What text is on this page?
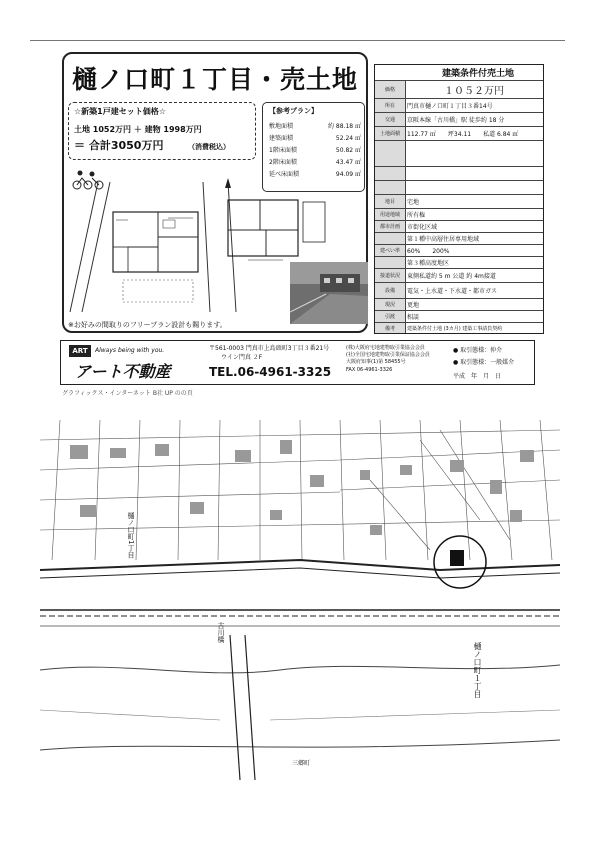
樋ノ口町１丁目・売土地
☆新築1戸建セット価格☆
土地 1052万円 ＋ 建物 1998万円
＝ 合計3050万円	（消費税込）
【参考プラン】
敷地面積	約 88.18 ㎡
建築面積	52.24 ㎡
1階床面積	50.82 ㎡
2階床面積	43.47 ㎡
延べ床面積	94.09 ㎡
※お好みの間取りのフリープラン設計も賜ります。
建築条件付売土地
価格	１０５２万円
所在	門真市樋ノ口町１丁目３番14号
交通	京阪本線「古川橋」駅 徒歩約 18 分
土地面積	112.77 ㎡　　坪34.11　　私道 6.84 ㎡
地目	宅地
用途地域	所有権
都市計画	市街化区域
第１種中高層住居専用地域
建ぺい率	60%　　200%
第３種高度地区
接道状況	東側私道約 5 m 公道 約 4m接道
設備	電気・上水道・下水道・都市ガス
現況	更地
引渡	相談
備考	建築条件付土地 (3カ月) 建築工事請負契約
ART	Always being with you.
アート不動産
〒561-0003 門真市上島頭町3丁目３番21号
ウイン門真 ２F
TEL.06-4961-3325
(株)大阪府宅地建物取引業協会会員
(社)全国宅地建物取引業保証協会会員
大阪府知事(1)第 58455号
FAX 06-4961-3326
● 取引態様：仲介
● 取引態様：一般媒介
平成　年　月　日
グラフィックス・インターネット B社 UP のの頁
樋ノ口町1丁目
樋ノ口町１丁目
古川橋
三郷町
